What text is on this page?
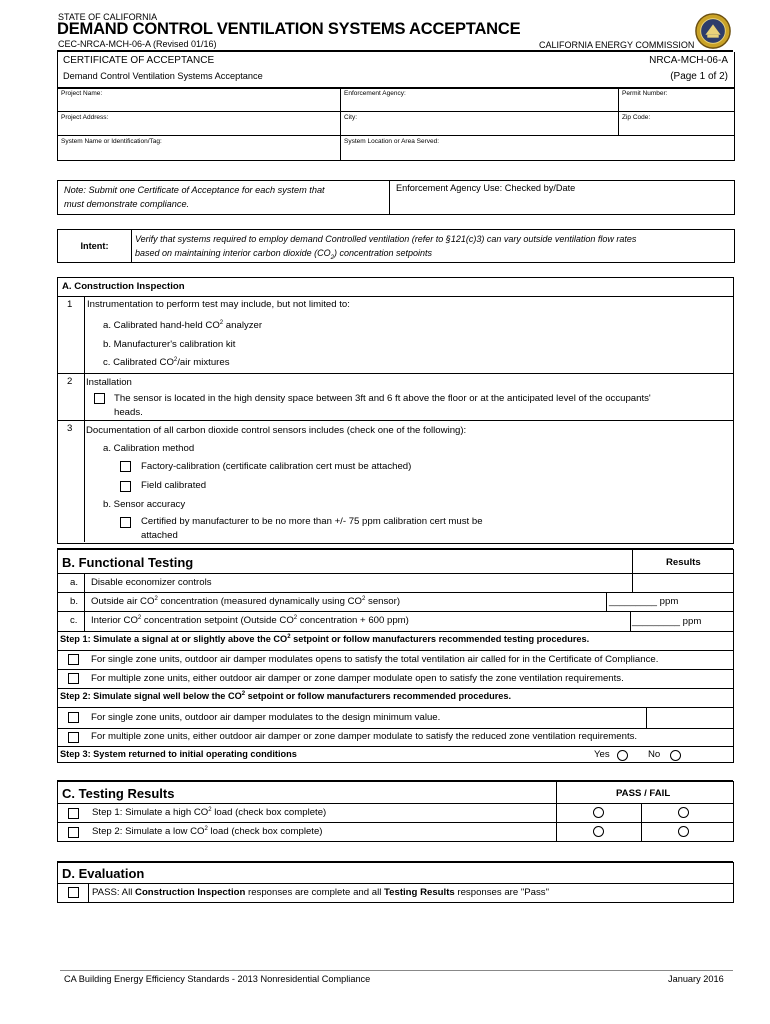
STATE OF CALIFORNIA
DEMAND CONTROL VENTILATION SYSTEMS ACCEPTANCE
CEC-NRCA-MCH-06-A (Revised 01/16)	CALIFORNIA ENERGY COMMISSION
CERTIFICATE OF ACCEPTANCE	NRCA-MCH-06-A
Demand Control Ventilation Systems Acceptance	(Page 1 of 2)
Project Name:	Enforcement Agency:	Permit Number:
Project Address:	City:	Zip Code:
System Name or Identification/Tag:	System Location or Area Served:	
Note: Submit one Certificate of Acceptance for each system that
must demonstrate compliance.
	Enforcement Agency Use: Checked by/Date
Intent:	
Verify that systems required to employ demand Controlled ventilation (refer to §121(c)3) can vary outside ventilation flow rates
based on maintaining interior carbon dioxide $(CO_2)$ concentration setpoints
A. Construction Inspection
1 Instrumentation to perform test may include, but not limited to:
a. Calibrated hand-held $CO^2$ analyzer
b. Manufacturer's calibration kit
c. Calibrated $CO^2$/air mixtures
2 Installation
The sensor is located in the high density space between 3ft and 6 ft above the floor or at the anticipated level of the occupants'
heads.
3 Documentation of all carbon dioxide control sensors includes (check one of the following):
a. Calibration method
Factory-calibration (certificate calibration cert must be attached)
Field calibrated
b. Sensor accuracy
Certified by manufacturer to be no more than +/- 75 ppm calibration cert must be
attached
B. Functional Testing	Results
a. Disable economizer controls
b. Outside air $CO^2$ concentration (measured dynamically using $CO^2$ sensor)	_________ ppm
c. Interior $CO^2$ concentration setpoint (Outside $CO^2$ concentration + 600 ppm)	_________ ppm
Step 1: Simulate a signal at or slightly above the $CO^2$ setpoint or follow manufacturers recommended testing procedures.
For single zone units, outdoor air damper modulates opens to satisfy the total ventilation air called for in the Certificate of Compliance.
For multiple zone units, either outdoor air damper or zone damper modulate open to satisfy the zone ventilation requirements.
Step 2: Simulate signal well below the $CO^2$ setpoint or follow manufacturers recommended procedures.
For single zone units, outdoor air damper modulates to the design minimum value.
For multiple zone units, either outdoor air damper or zone damper modulate to satisfy the reduced zone ventilation requirements.
Step 3: System returned to initial operating conditions	Yes	No
C. Testing Results	PASS / FAIL
Step 1: Simulate a high $CO^2$ load (check box complete)
Step 2: Simulate a low $CO^2$ load (check box complete)
D. Evaluation
PASS: All Construction Inspection responses are complete and all Testing Results responses are "Pass"
CA Building Energy Efficiency Standards - 2013 Nonresidential Compliance	January 2016
